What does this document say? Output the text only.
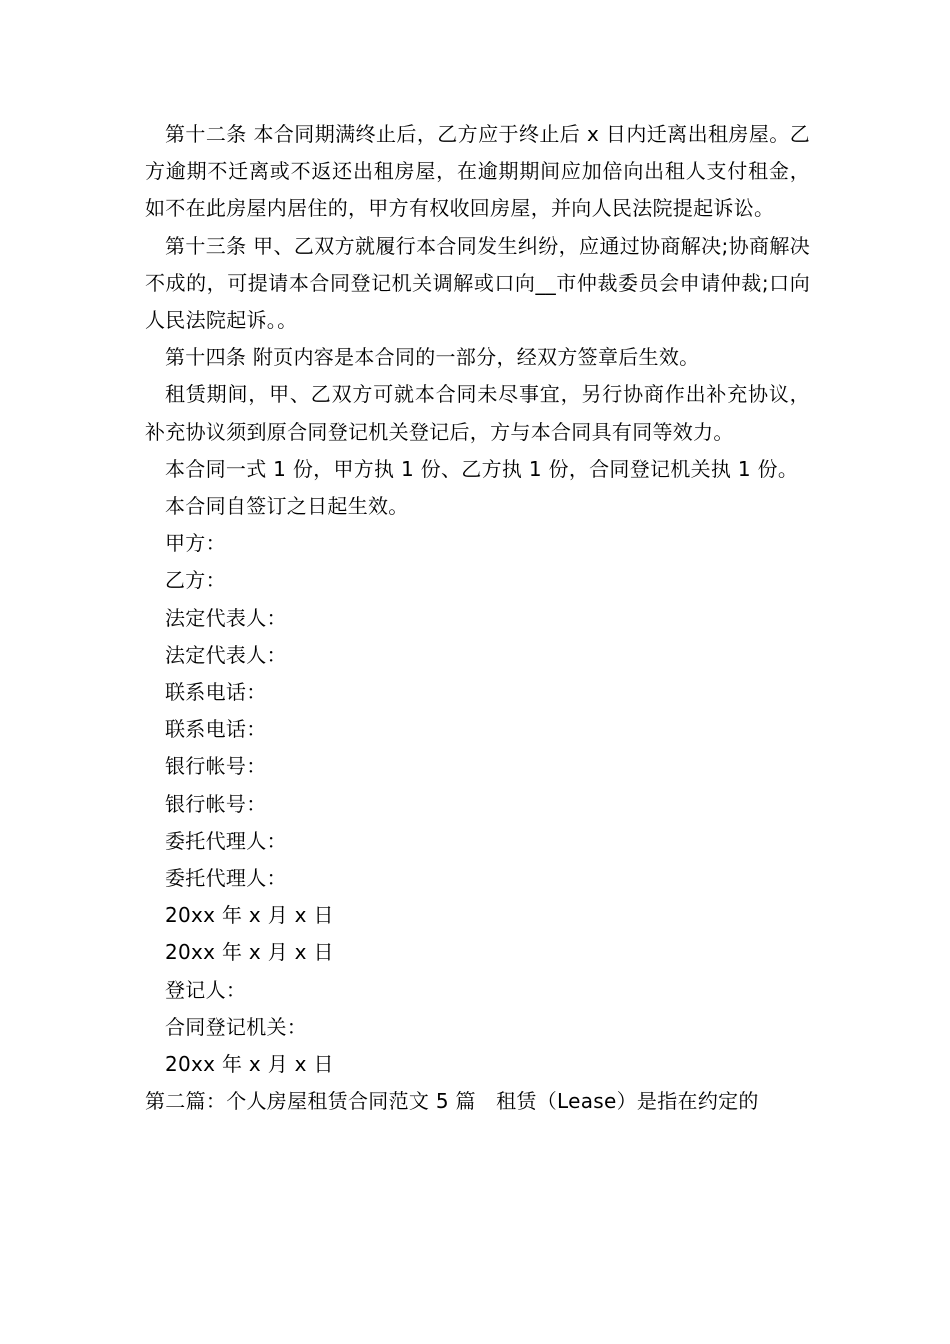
第十二条 本合同期满终止后，乙方应于终止后 x 日内迁离出租房屋。乙方逾期不迁离或不返还出租房屋，在逾期期间应加倍向出租人支付租金，如不在此房屋内居住的，甲方有权收回房屋，并向人民法院提起诉讼。

第十三条 甲、乙双方就履行本合同发生纠纷，应通过协商解决;协商解决不成的，可提请本合同登记机关调解或口向__市仲裁委员会申请仲裁;口向人民法院起诉。。

第十四条 附页内容是本合同的一部分，经双方签章后生效。

租赁期间，甲、乙双方可就本合同未尽事宜，另行协商作出补充协议，补充协议须到原合同登记机关登记后，方与本合同具有同等效力。

本合同一式 1 份，甲方执 1 份、乙方执 1 份，合同登记机关执 1 份。

本合同自签订之日起生效。

甲方：

乙方：

法定代表人：

法定代表人：

联系电话：

联系电话：

银行帐号：

银行帐号：

委托代理人：

委托代理人：

20xx 年 x 月 x 日

20xx 年 x 月 x 日

登记人：

合同登记机关：

20xx 年 x 月 x 日

第二篇：个人房屋租赁合同范文 5 篇　租赁（Lease）是指在约定的
